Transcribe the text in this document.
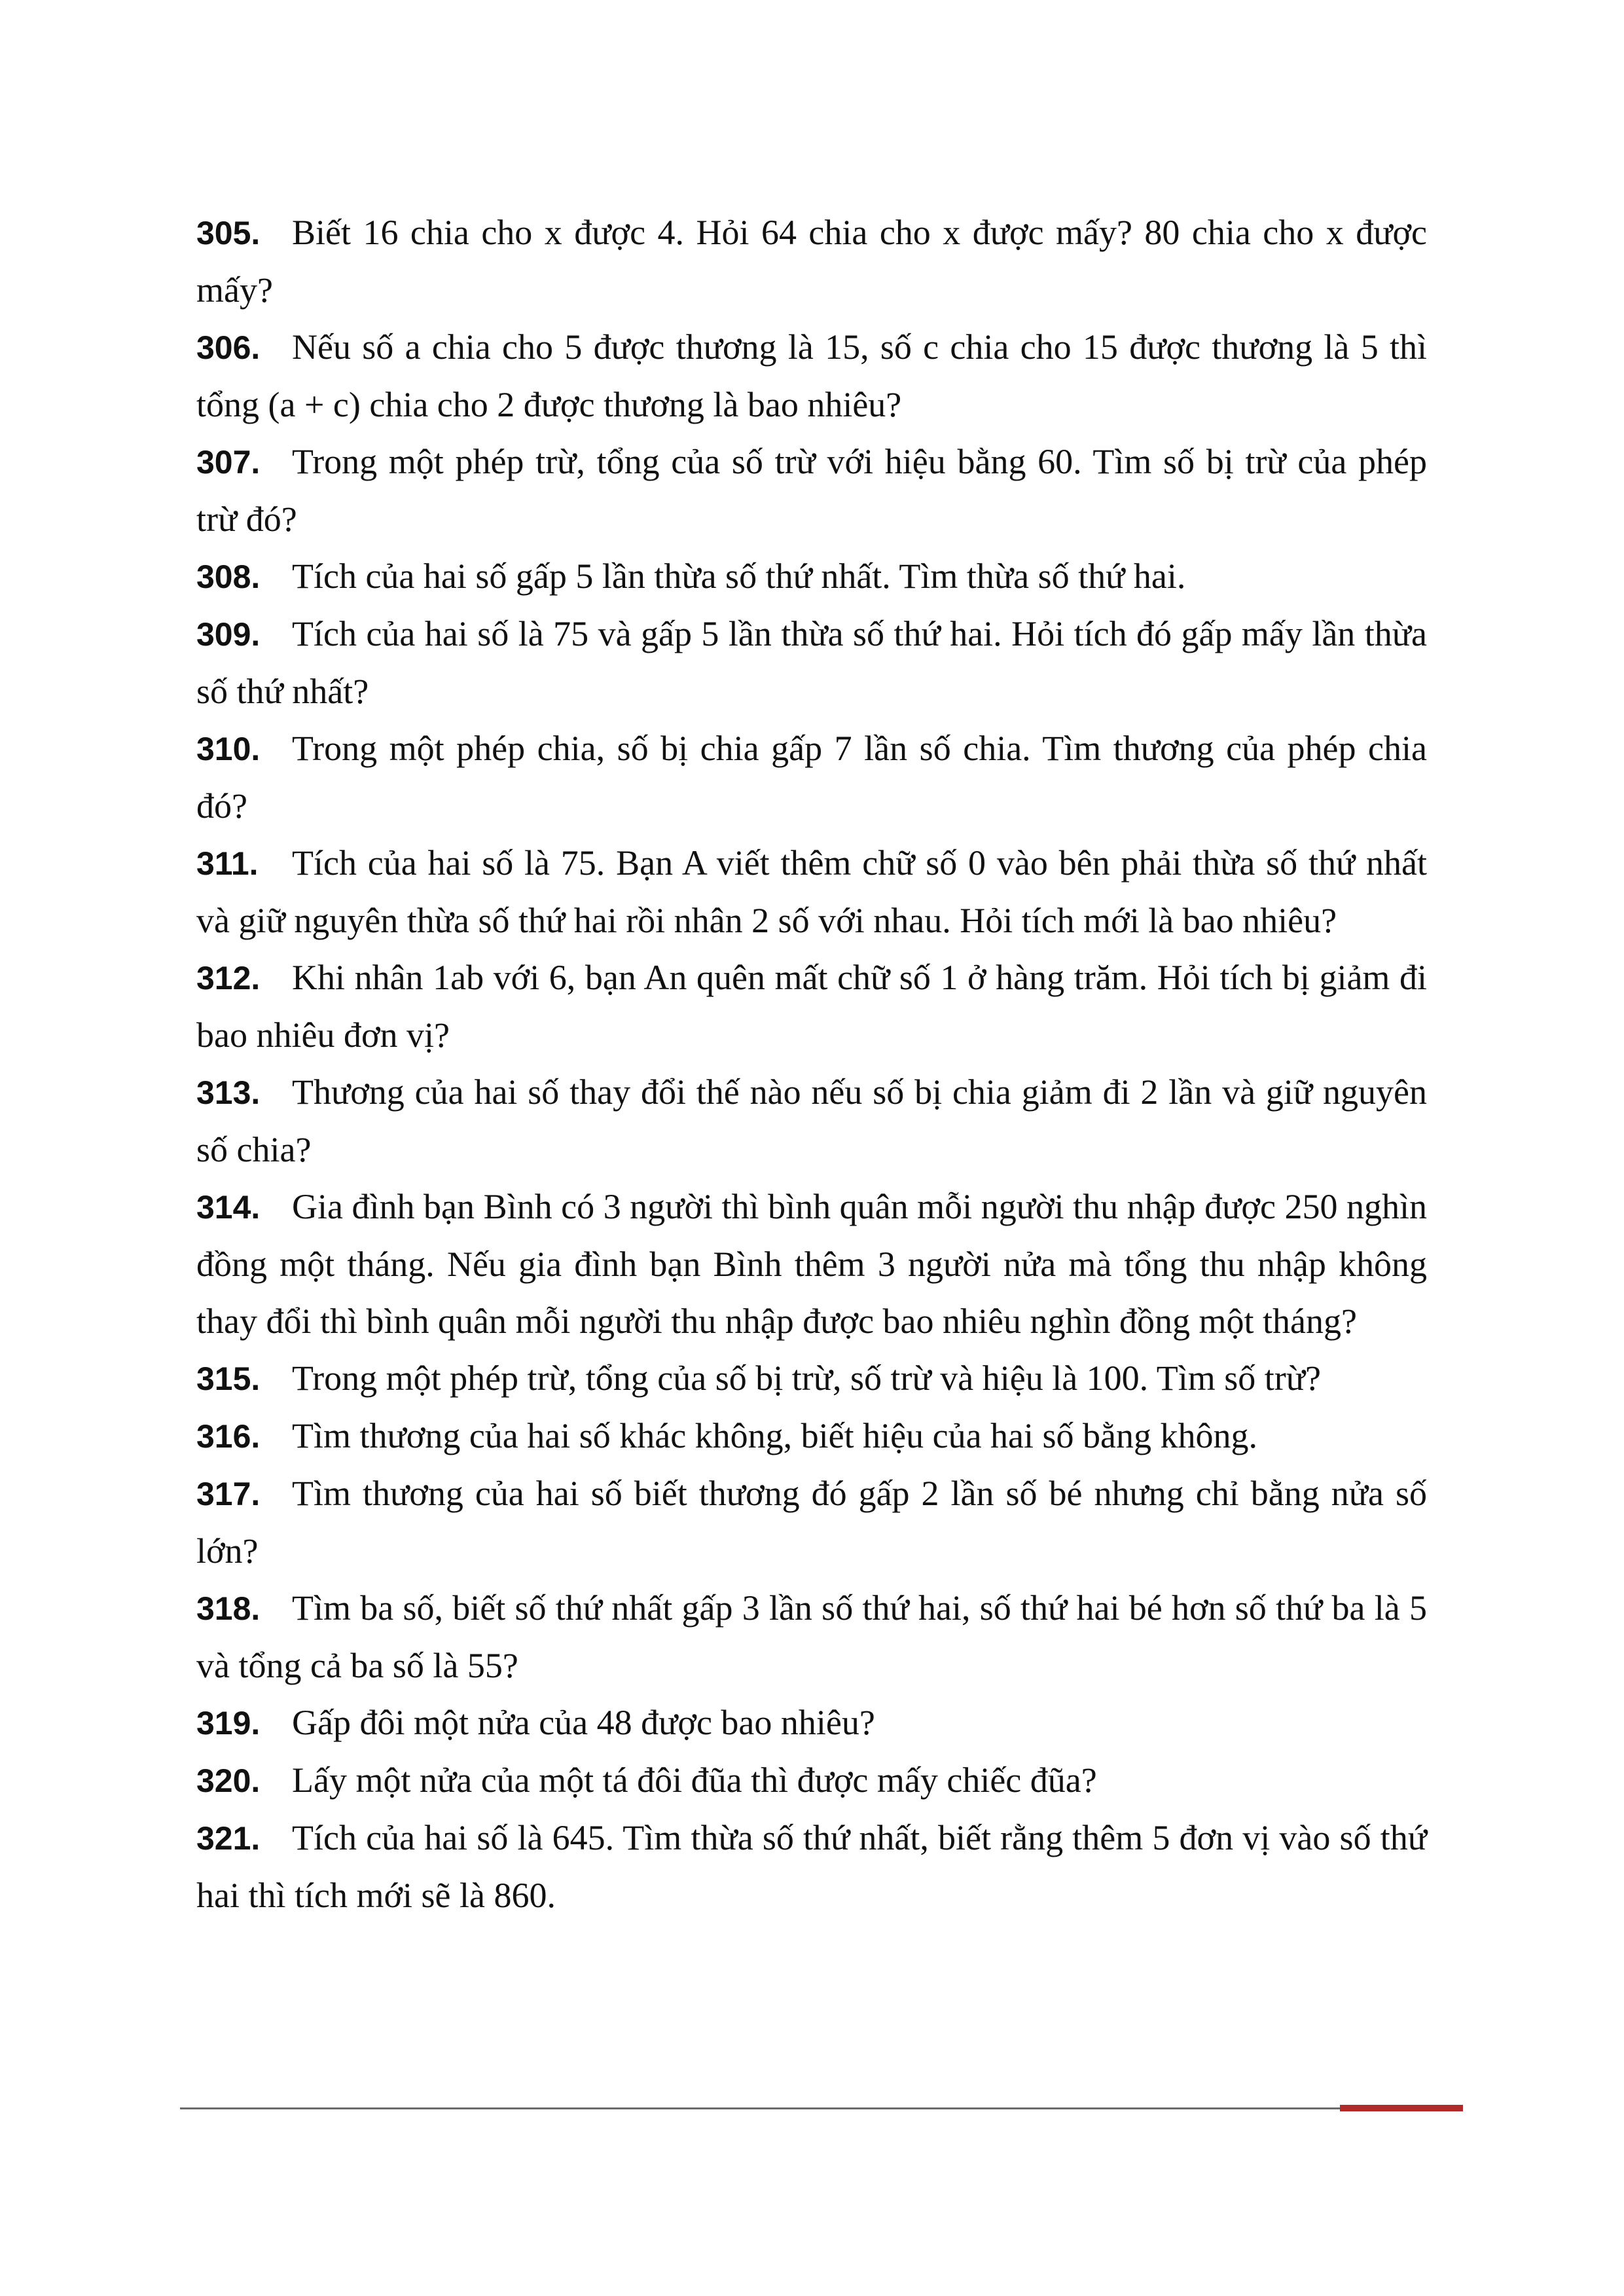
305. Biết 16 chia cho x được 4. Hỏi 64 chia cho x được mấy? 80 chia cho x được mấy?

306. Nếu số a chia cho 5 được thương là 15, số c chia cho 15 được thương là 5 thì tổng (a + c) chia cho 2 được thương là bao nhiêu?

307. Trong một phép trừ, tổng của số trừ với hiệu bằng 60. Tìm số bị trừ của phép trừ đó?

308. Tích của hai số gấp 5 lần thừa số thứ nhất. Tìm thừa số thứ hai.

309. Tích của hai số là 75 và gấp 5 lần thừa số thứ hai. Hỏi tích đó gấp mấy lần thừa số thứ nhất?

310. Trong một phép chia, số bị chia gấp 7 lần số chia. Tìm thương của phép chia đó?

311. Tích của hai số là 75. Bạn A viết thêm chữ số 0 vào bên phải thừa số thứ nhất và giữ nguyên thừa số thứ hai rồi nhân 2 số với nhau. Hỏi tích mới là bao nhiêu?

312. Khi nhân 1ab với 6, bạn An quên mất chữ số 1 ở hàng trăm. Hỏi tích bị giảm đi bao nhiêu đơn vị?

313. Thương của hai số thay đổi thế nào nếu số bị chia giảm đi 2 lần và giữ nguyên số chia?

314. Gia đình bạn Bình có 3 người thì bình quân mỗi người thu nhập được 250 nghìn đồng một tháng. Nếu gia đình bạn Bình thêm 3 người nửa mà tổng thu nhập không thay đổi thì bình quân mỗi người thu nhập được bao nhiêu nghìn đồng một tháng?

315. Trong một phép trừ, tổng của số bị trừ, số trừ và hiệu là 100. Tìm số trừ?

316. Tìm thương của hai số khác không, biết hiệu của hai số bằng không.

317. Tìm thương của hai số biết thương đó gấp 2 lần số bé nhưng chỉ bằng nửa số lớn?

318. Tìm ba số, biết số thứ nhất gấp 3 lần số thứ hai, số thứ hai bé hơn số thứ ba là 5 và tổng cả ba số là 55?

319. Gấp đôi một nửa của 48 được bao nhiêu?

320. Lấy một nửa của một tá đôi đũa thì được mấy chiếc đũa?

321. Tích của hai số là 645. Tìm thừa số thứ nhất, biết rằng thêm 5 đơn vị vào số thứ hai thì tích mới sẽ là 860.
